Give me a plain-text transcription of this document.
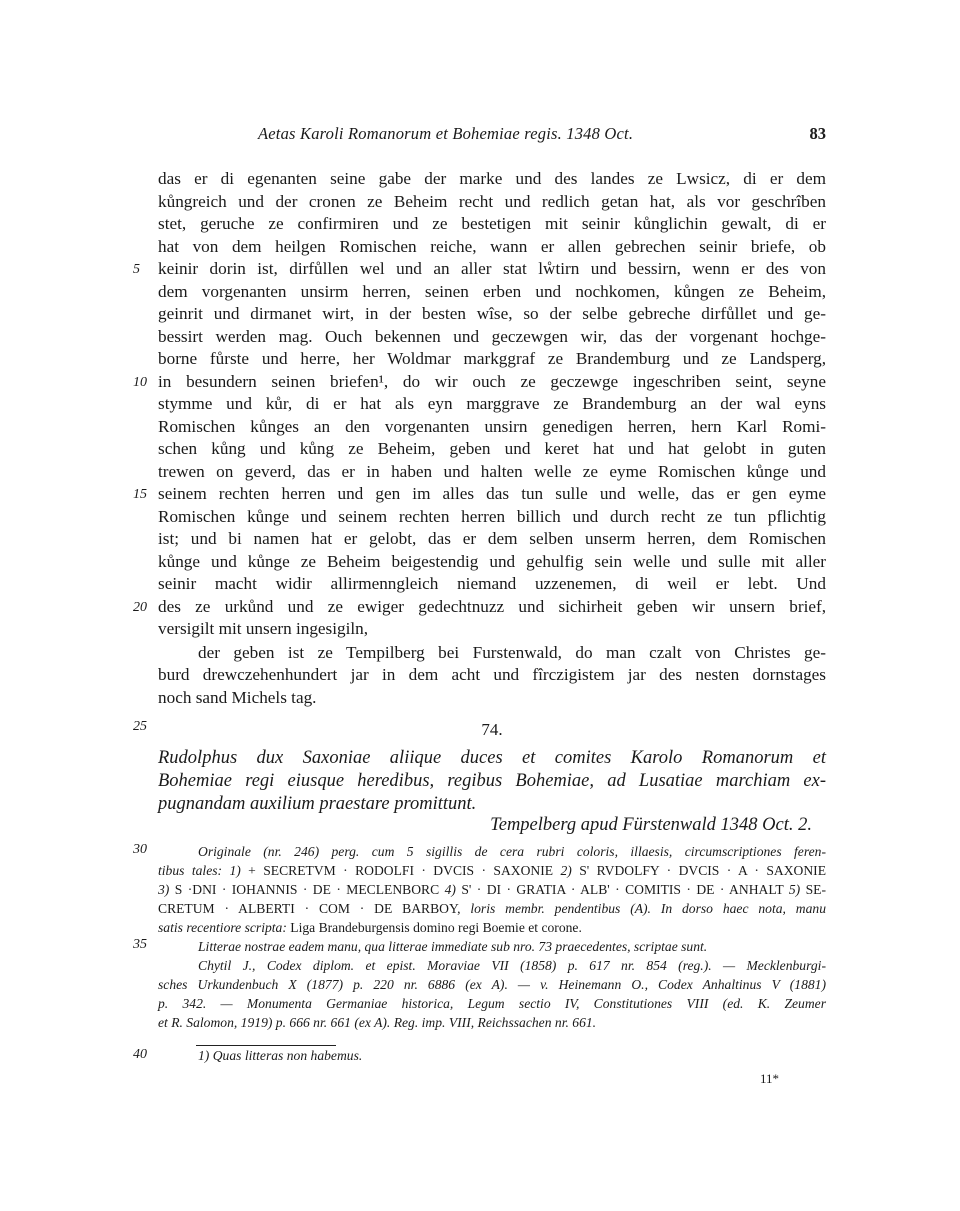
Aetas Karoli Romanorum et Bohemiae regis. 1348 Oct.	83
das er di egenanten seine gabe der marke und des landes ze Lwsicz, di er dem
kůngreich und der cronen ze Beheim recht und redlich getan hat, als vor geschrîben
stet, geruche ze confirmiren und ze bestetigen mit seinir kůnglichin gewalt, di er
hat von dem heilgen Romischen reiche, wann er allen gebrechen seinir briefe, ob
keinir dorin ist, dirfůllen wel und an aller stat lẘtirn und bessirn, wenn er des von
dem vorgenanten unsirm herren, seinen erben und nochkomen, kůngen ze Beheim,
geinrit und dirmanet wirt, in der besten wîse, so der selbe gebreche dirfůllet und ge-
bessirt werden mag. Ouch bekennen und geczewgen wir, das der vorgenant hochge-
borne fůrste und herre, her Woldmar markggraf ze Brandemburg und ze Landsperg,
in besundern seinen briefen¹, do wir ouch ze geczewge ingeschriben seint, seyne
stymme und kůr, di er hat als eyn marggrave ze Brandemburg an der wal eyns
Romischen kůnges an den vorgenanten unsirn genedigen herren, hern Karl Romi-
schen kůng und kůng ze Beheim, geben und keret hat und hat gelobt in guten
trewen on geverd, das er in haben und halten welle ze eyme Romischen kůnge und
seinem rechten herren und gen im alles das tun sulle und welle, das er gen eyme
Romischen kůnge und seinem rechten herren billich und durch recht ze tun pflichtig
ist; und bi namen hat er gelobt, das er dem selben unserm herren, dem Romischen
kůnge und kůnge ze Beheim beigestendig und gehulfig sein welle und sulle mit aller
seinir macht widir allirmenngleich niemand uzzenemen, di weil er lebt. Und
des ze urkůnd und ze ewiger gedechtnuzz und sichirheit geben wir unsern brief,
versigilt mit unsern ingesigiln,
der geben ist ze Tempilberg bei Furstenwald, do man czalt von Christes ge-
burd drewczehenhundert jar in dem acht und fîrczigistem jar des nesten dornstages
noch sand Michels tag.
5
10
15
20
25
30
35
40
74.
Rudolphus dux Saxoniae aliique duces et comites Karolo Romanorum et
Bohemiae regi eiusque heredibus, regibus Bohemiae, ad Lusatiae marchiam ex-
pugnandam auxilium praestare promittunt.
Tempelberg apud Fürstenwald 1348 Oct. 2.
Originale (nr. 246) perg. cum 5 sigillis de cera rubri coloris, illaesis, circumscriptiones feren-
tibus tales: 1) + SECRETVM · RODOLFI · DVCIS · SAXONIE 2) S' RVDOLFY · DVCIS · A · SAXONIE
3) S ·DNI · IOHANNIS · DE · MECLENBORC 4) S' · DI · GRATIA · ALB' · COMITIS · DE · ANHALT 5) SE-
CRETUM · ALBERTI · COM · DE BARBOY, loris membr. pendentibus (A). In dorso haec nota, manu
satis recentiore scripta: Liga Brandeburgensis domino regi Boemie et corone.
Litterae nostrae eadem manu, qua litterae immediate sub nro. 73 praecedentes, scriptae sunt.
Chytil J., Codex diplom. et epist. Moraviae VII (1858) p. 617 nr. 854 (reg.). — Mecklenburgi-
sches Urkundenbuch X (1877) p. 220 nr. 6886 (ex A). — v. Heinemann O., Codex Anhaltinus V (1881)
p. 342. — Monumenta Germaniae historica, Legum sectio IV, Constitutiones VIII (ed. K. Zeumer
et R. Salomon, 1919) p. 666 nr. 661 (ex A). Reg. imp. VIII, Reichssachen nr. 661.
1) Quas litteras non habemus.
11*
